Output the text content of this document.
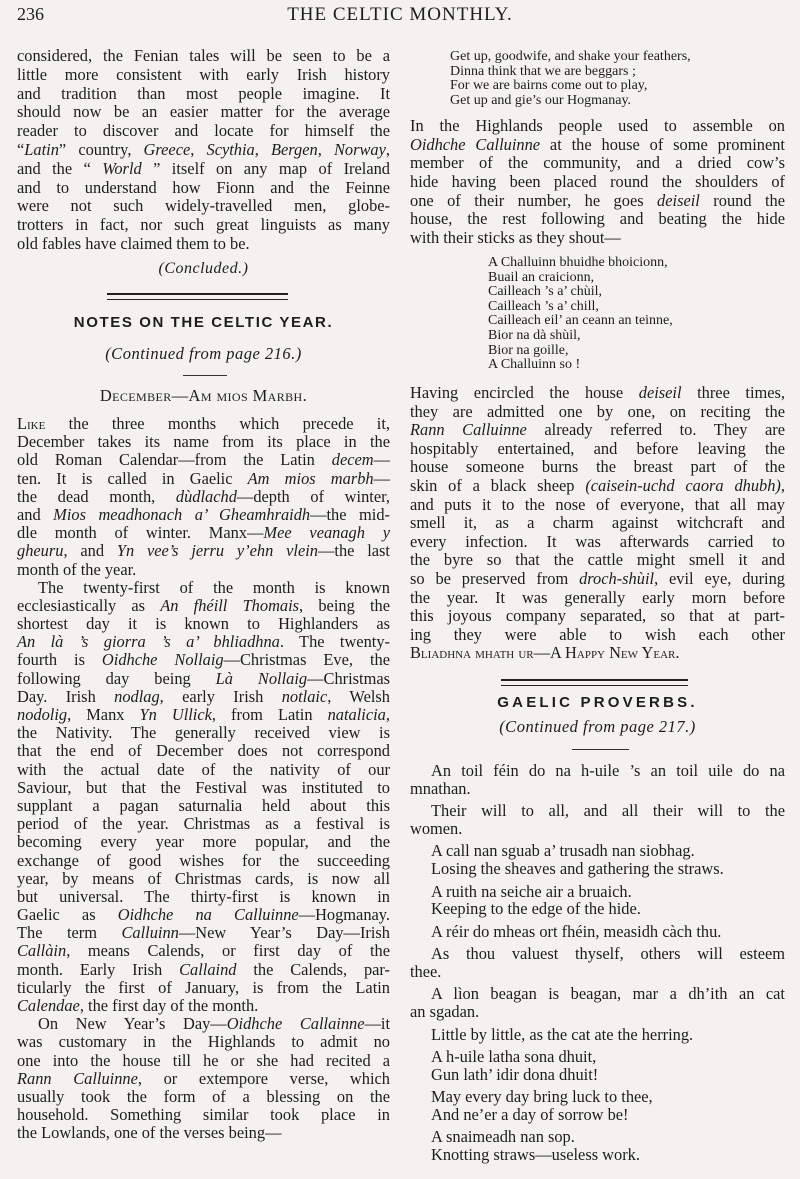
236	THE CELTIC MONTHLY.
considered, the Fenian tales will be seen to be a
little more consistent with early Irish history
and tradition than most people imagine. It
should now be an easier matter for the average
reader to discover and locate for himself the
“Latin” country, Greece, Scythia, Bergen, Norway,
and the “ World ” itself on any map of Ireland
and to understand how Fionn and the Feinne
were not such widely-travelled men, globe-
trotters in fact, nor such great linguists as many
old fables have claimed them to be.
(Concluded.)
NOTES ON THE CELTIC YEAR.
(Continued from page 216.)
December—Am mios Marbh.
Like the three months which precede it,
December takes its name from its place in the
old Roman Calendar—from the Latin decem—
ten. It is called in Gaelic Am mios marbh—
the dead month, dùdlachd—depth of winter,
and Mios meadhonach a’ Gheamhraidh—the mid-
dle month of winter. Manx—Mee veanagh y
gheuru, and Yn vee’s jerru y’ehn vlein—the last
month of the year.
The twenty-first of the month is known
ecclesiastically as An fhéill Thomais, being the
shortest day it is known to Highlanders as
An là ’s giorra ’s a’ bhliadhna. The twenty-
fourth is Oidhche Nollaig—Christmas Eve, the
following day being Là Nollaig—Christmas
Day. Irish nodlag, early Irish notlaic, Welsh
nodolig, Manx Yn Ullick, from Latin natalicia,
the Nativity. The generally received view is
that the end of December does not correspond
with the actual date of the nativity of our
Saviour, but that the Festival was instituted to
supplant a pagan saturnalia held about this
period of the year. Christmas as a festival is
becoming every year more popular, and the
exchange of good wishes for the succeeding
year, by means of Christmas cards, is now all
but universal. The thirty-first is known in
Gaelic as Oidhche na Calluinne—Hogmanay.
The term Calluinn—New Year’s Day—Irish
Callàin, means Calends, or first day of the
month. Early Irish Callaind the Calends, par-
ticularly the first of January, is from the Latin
Calendae, the first day of the month.
On New Year’s Day—Oidhche Callainne—it
was customary in the Highlands to admit no
one into the house till he or she had recited a
Rann Calluinne, or extempore verse, which
usually took the form of a blessing on the
household. Something similar took place in
the Lowlands, one of the verses being—
Get up, goodwife, and shake your feathers,
Dinna think that we are beggars ;
For we are bairns come out to play,
Get up and gie’s our Hogmanay.
In the Highlands people used to assemble on
Oidhche Calluinne at the house of some prominent
member of the community, and a dried cow’s
hide having been placed round the shoulders of
one of their number, he goes deiseil round the
house, the rest following and beating the hide
with their sticks as they shout—
A Challuinn bhuidhe bhoicionn,
Buail an craicionn,
Cailleach ’s a’ chùil,
Cailleach ’s a’ chill,
Cailleach eil’ an ceann an teinne,
Bior na dà shùil,
Bior na goille,
A Challuinn so !
Having encircled the house deiseil three times,
they are admitted one by one, on reciting the
Rann Calluinne already referred to. They are
hospitably entertained, and before leaving the
house someone burns the breast part of the
skin of a black sheep (caisein-uchd caora dhubh),
and puts it to the nose of everyone, that all may
smell it, as a charm against witchcraft and
every infection. It was afterwards carried to
the byre so that the cattle might smell it and
so be preserved from droch-shùil, evil eye, during
the year. It was generally early morn before
this joyous company separated, so that at part-
ing they were able to wish each other
Bliadhna mhath ur—A Happy New Year.
GAELIC PROVERBS.
(Continued from page 217.)
An toil féin do na h-uile ’s an toil uile do na
mnathan.
Their will to all, and all their will to the
women.
A call nan sguab a’ trusadh nan siobhag.
Losing the sheaves and gathering the straws.
A ruith na seiche air a bruaich.
Keeping to the edge of the hide.
A réir do mheas ort fhéin, measidh càch thu.
As thou valuest thyself, others will esteem
thee.
A lìon beagan is beagan, mar a dh’ith an cat
an sgadan.
Little by little, as the cat ate the herring.
A h-uile latha sona dhuit,
Gun lath’ idir dona dhuit!
May every day bring luck to thee,
And ne’er a day of sorrow be!
A snaimeadh nan sop.
Knotting straws—useless work.
